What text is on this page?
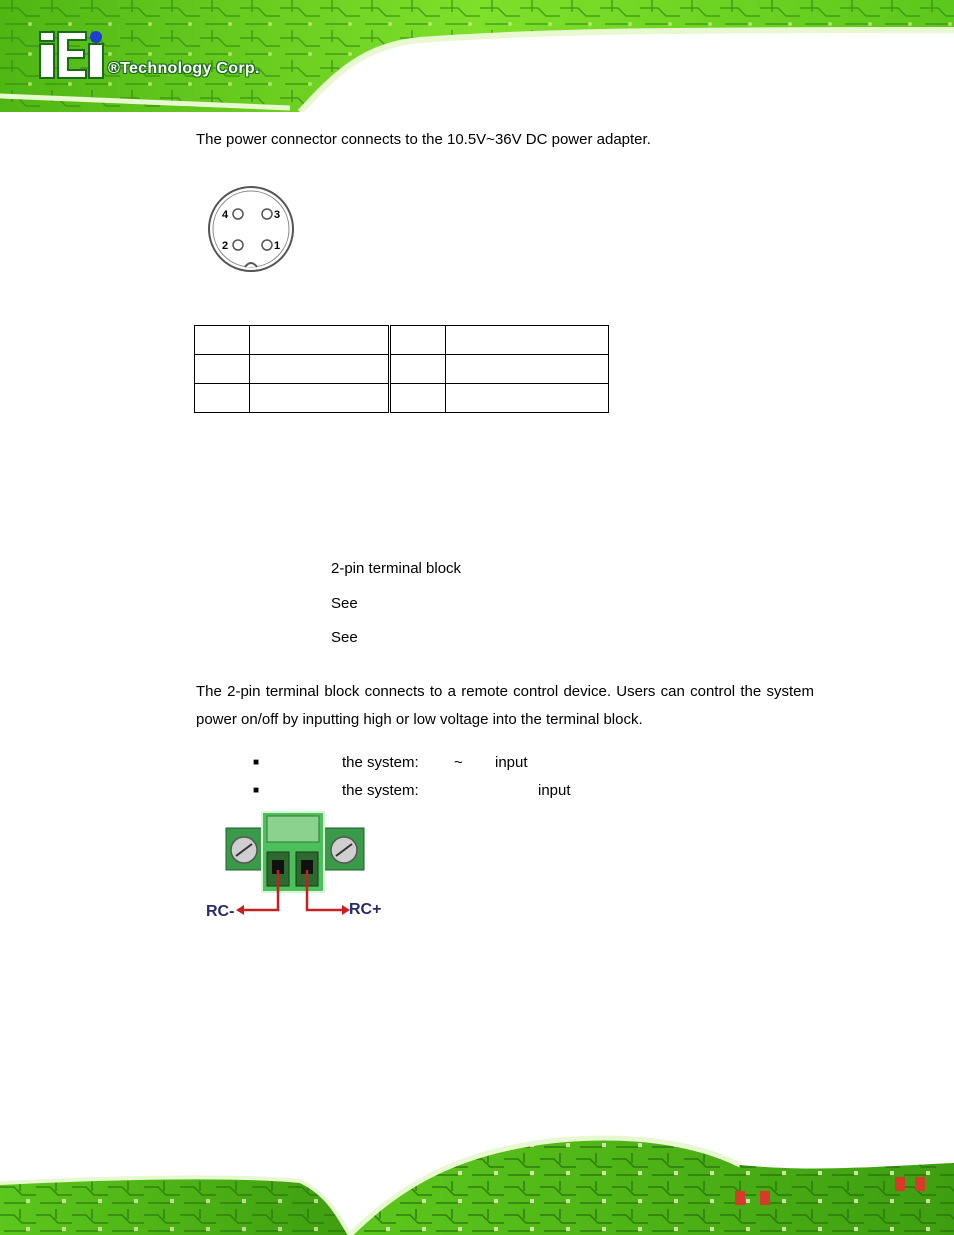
®Technology Corp.
The power connector connects to the 10.5V~36V DC power adapter.
4	3
2	1

2-pin terminal block
See
See
The 2-pin terminal block connects to a remote control device. Users can control the system power on/off by inputting high or low voltage into the terminal block.
■	the system: ~ input
■	the system:	input
RC-	RC+
